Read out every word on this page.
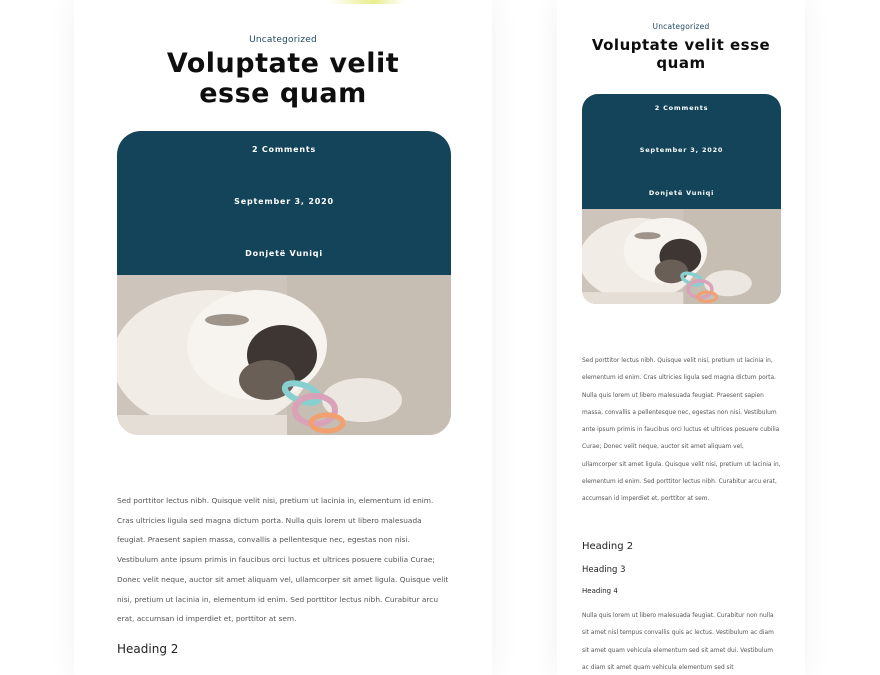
Uncategorized
Voluptate velit esse quam
2 Comments
September 3, 2020
Donjetë Vuniqi

Sed porttitor lectus nibh. Quisque velit nisi, pretium ut lacinia in, elementum id enim. Cras ultricies ligula sed magna dictum porta. Nulla quis lorem ut libero malesuada feugiat. Praesent sapien massa, convallis a pellentesque nec, egestas non nisi. Vestibulum ante ipsum primis in faucibus orci luctus et ultrices posuere cubilia Curae; Donec velit neque, auctor sit amet aliquam vel, ullamcorper sit amet ligula. Quisque velit nisi, pretium ut lacinia in, elementum id enim. Sed porttitor lectus nibh. Curabitur arcu erat, accumsan id imperdiet et, porttitor at sem.

Heading 2
Uncategorized
Voluptate velit esse quam
2 Comments
September 3, 2020
Donjetë Vuniqi

Sed porttitor lectus nibh. Quisque velit nisi, pretium ut lacinia in, elementum id enim. Cras ultricies ligula sed magna dictum porta. Nulla quis lorem ut libero malesuada feugiat. Praesent sapien massa, convallis a pellentesque nec, egestas non nisi. Vestibulum ante ipsum primis in faucibus orci luctus et ultrices posuere cubilia Curae; Donec velit neque, auctor sit amet aliquam vel, ullamcorper sit amet ligula. Quisque velit nisi, pretium ut lacinia in, elementum id enim. Sed porttitor lectus nibh. Curabitur arcu erat, accumsan id imperdiet et, porttitor at sem.

Heading 2
Heading 3
Heading 4

Nulla quis lorem ut libero malesuada feugiat. Curabitur non nulla sit amet nisl tempus convallis quis ac lectus. Vestibulum ac diam sit amet quam vehicula elementum sed sit amet dui. Vestibulum ac diam sit amet quam vehicula elementum sed sit
